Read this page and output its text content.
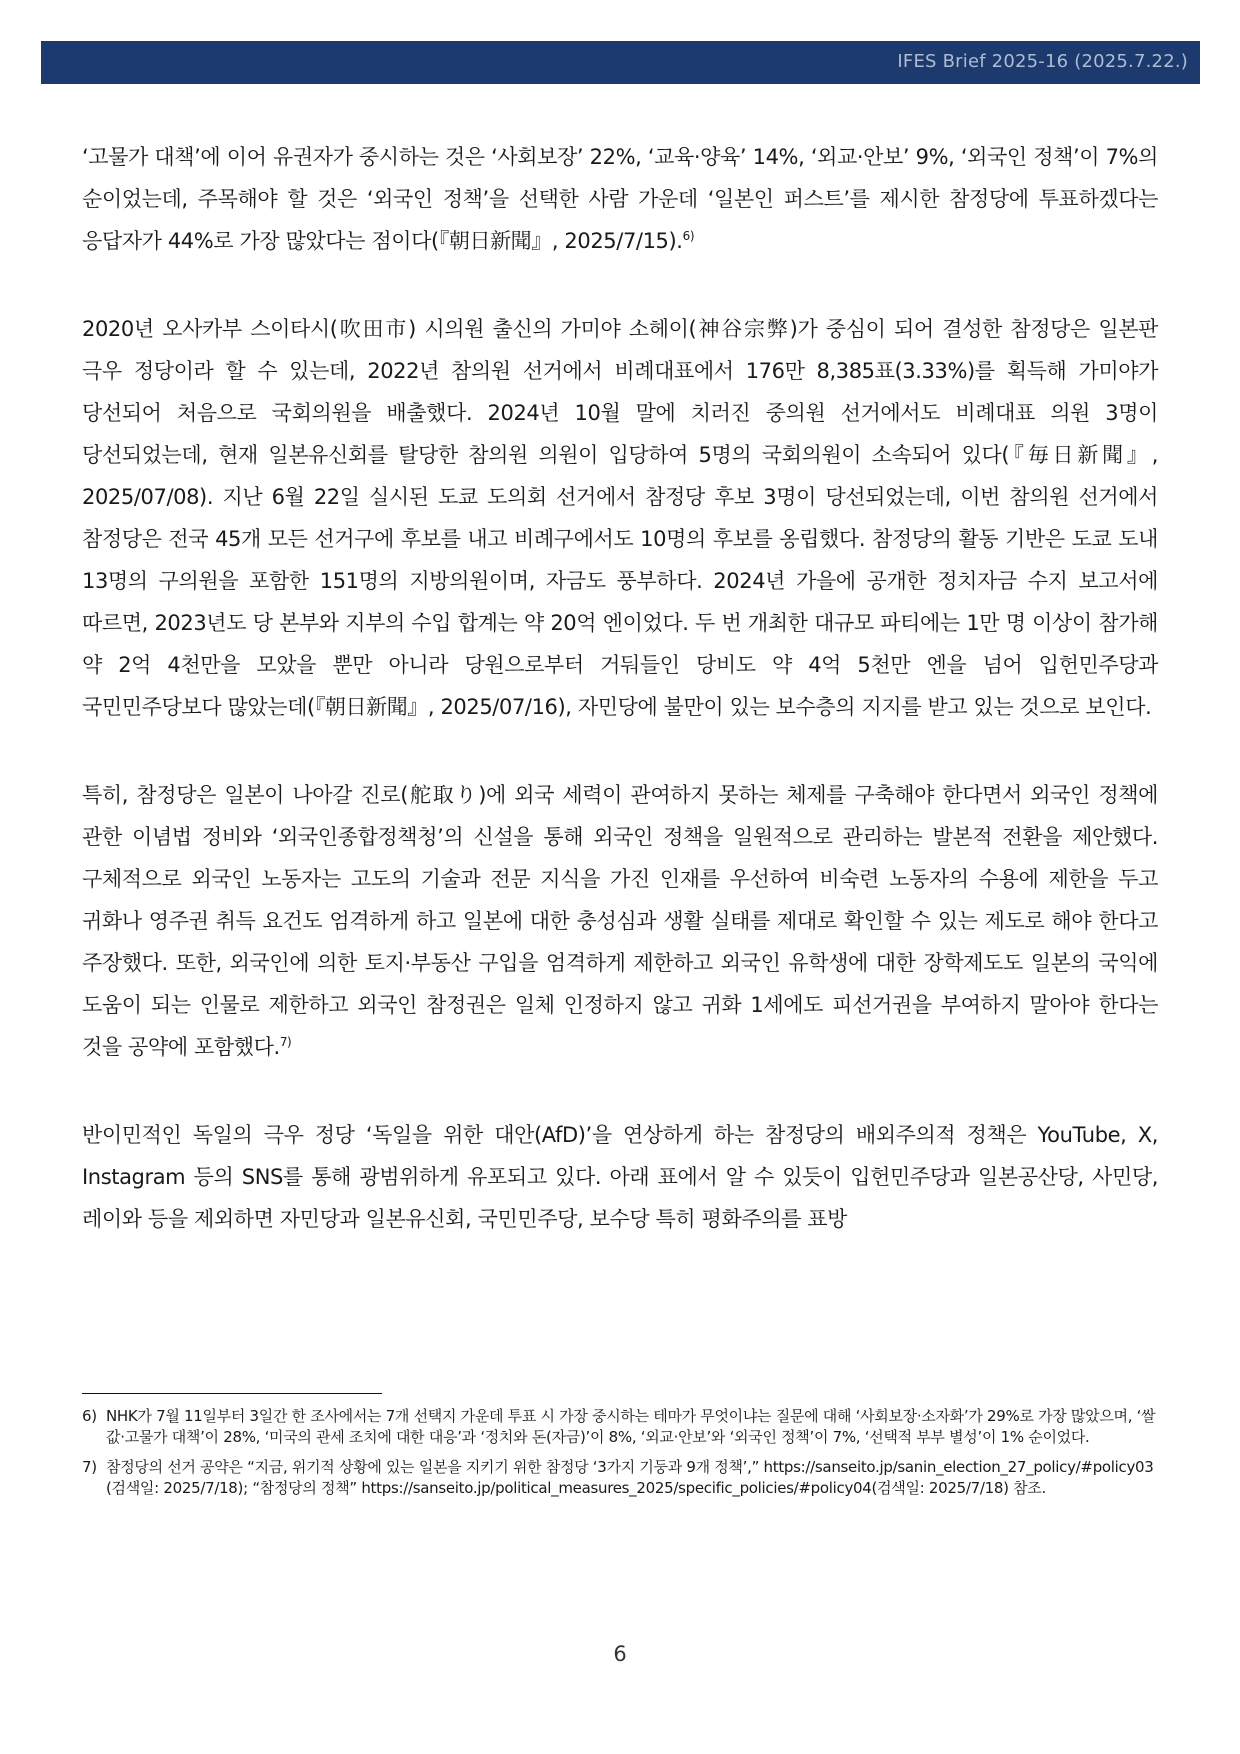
IFES Brief 2025-16 (2025.7.22.)

‘고물가 대책’에 이어 유권자가 중시하는 것은 ‘사회보장’ 22%, ‘교육·양육’ 14%, ‘외교·안보’ 9%, ‘외국인 정책’이 7%의 순이었는데, 주목해야 할 것은 ‘외국인 정책’을 선택한 사람 가운데 ‘일본인 퍼스트’를 제시한 참정당에 투표하겠다는 응답자가 44%로 가장 많았다는 점이다(『朝日新聞』, 2025/7/15).$^{6)}$

2020년 오사카부 스이타시(吹田市) 시의원 출신의 가미야 소헤이(神谷宗弊)가 중심이 되어 결성한 참정당은 일본판 극우 정당이라 할 수 있는데, 2022년 참의원 선거에서 비례대표에서 176만 8,385표(3.33%)를 획득해 가미야가 당선되어 처음으로 국회의원을 배출했다. 2024년 10월 말에 치러진 중의원 선거에서도 비례대표 의원 3명이 당선되었는데, 현재 일본유신회를 탈당한 참의원 의원이 입당하여 5명의 국회의원이 소속되어 있다(『毎日新聞』, 2025/07/08). 지난 6월 22일 실시된 도쿄 도의회 선거에서 참정당 후보 3명이 당선되었는데, 이번 참의원 선거에서 참정당은 전국 45개 모든 선거구에 후보를 내고 비례구에서도 10명의 후보를 옹립했다. 참정당의 활동 기반은 도쿄 도내 13명의 구의원을 포함한 151명의 지방의원이며, 자금도 풍부하다. 2024년 가을에 공개한 정치자금 수지 보고서에 따르면, 2023년도 당 본부와 지부의 수입 합계는 약 20억 엔이었다. 두 번 개최한 대규모 파티에는 1만 명 이상이 참가해 약 2억 4천만을 모았을 뿐만 아니라 당원으로부터 거둬들인 당비도 약 4억 5천만 엔을 넘어 입헌민주당과 국민민주당보다 많았는데(『朝日新聞』, 2025/07/16), 자민당에 불만이 있는 보수층의 지지를 받고 있는 것으로 보인다.

특히, 참정당은 일본이 나아갈 진로(舵取り)에 외국 세력이 관여하지 못하는 체제를 구축해야 한다면서 외국인 정책에 관한 이념법 정비와 ‘외국인종합정책청’의 신설을 통해 외국인 정책을 일원적으로 관리하는 발본적 전환을 제안했다. 구체적으로 외국인 노동자는 고도의 기술과 전문 지식을 가진 인재를 우선하여 비숙련 노동자의 수용에 제한을 두고 귀화나 영주권 취득 요건도 엄격하게 하고 일본에 대한 충성심과 생활 실태를 제대로 확인할 수 있는 제도로 해야 한다고 주장했다. 또한, 외국인에 의한 토지·부동산 구입을 엄격하게 제한하고 외국인 유학생에 대한 장학제도도 일본의 국익에 도움이 되는 인물로 제한하고 외국인 참정권은 일체 인정하지 않고 귀화 1세에도 피선거권을 부여하지 말아야 한다는 것을 공약에 포함했다.$^{7)}$

반이민적인 독일의 극우 정당 ‘독일을 위한 대안(AfD)’을 연상하게 하는 참정당의 배외주의적 정책은 YouTube, X, Instagram 등의 SNS를 통해 광범위하게 유포되고 있다. 아래 표에서 알 수 있듯이 입헌민주당과 일본공산당, 사민당, 레이와 등을 제외하면 자민당과 일본유신회, 국민민주당, 보수당 특히 평화주의를 표방

6) NHK가 7월 11일부터 3일간 한 조사에서는 7개 선택지 가운데 투표 시 가장 중시하는 테마가 무엇이냐는 질문에 대해 ‘사회보장·소자화’가 29%로 가장 많았으며, ‘쌀값·고물가 대책’이 28%, ‘미국의 관세 조치에 대한 대응’과 ‘정치와 돈(자금)’이 8%, ‘외교·안보’와 ‘외국인 정책’이 7%, ‘선택적 부부 별성’이 1% 순이었다.
7) 참정당의 선거 공약은 “지금, 위기적 상황에 있는 일본을 지키기 위한 참정당 ‘3가지 기둥과 9개 정책’,” https://sanseito.jp/sanin_election_27_policy/#policy03(검색일: 2025/7/18); “참정당의 정책” https://sanseito.jp/political_measures_2025/specific_policies/#policy04(검색일: 2025/7/18) 참조.
6
